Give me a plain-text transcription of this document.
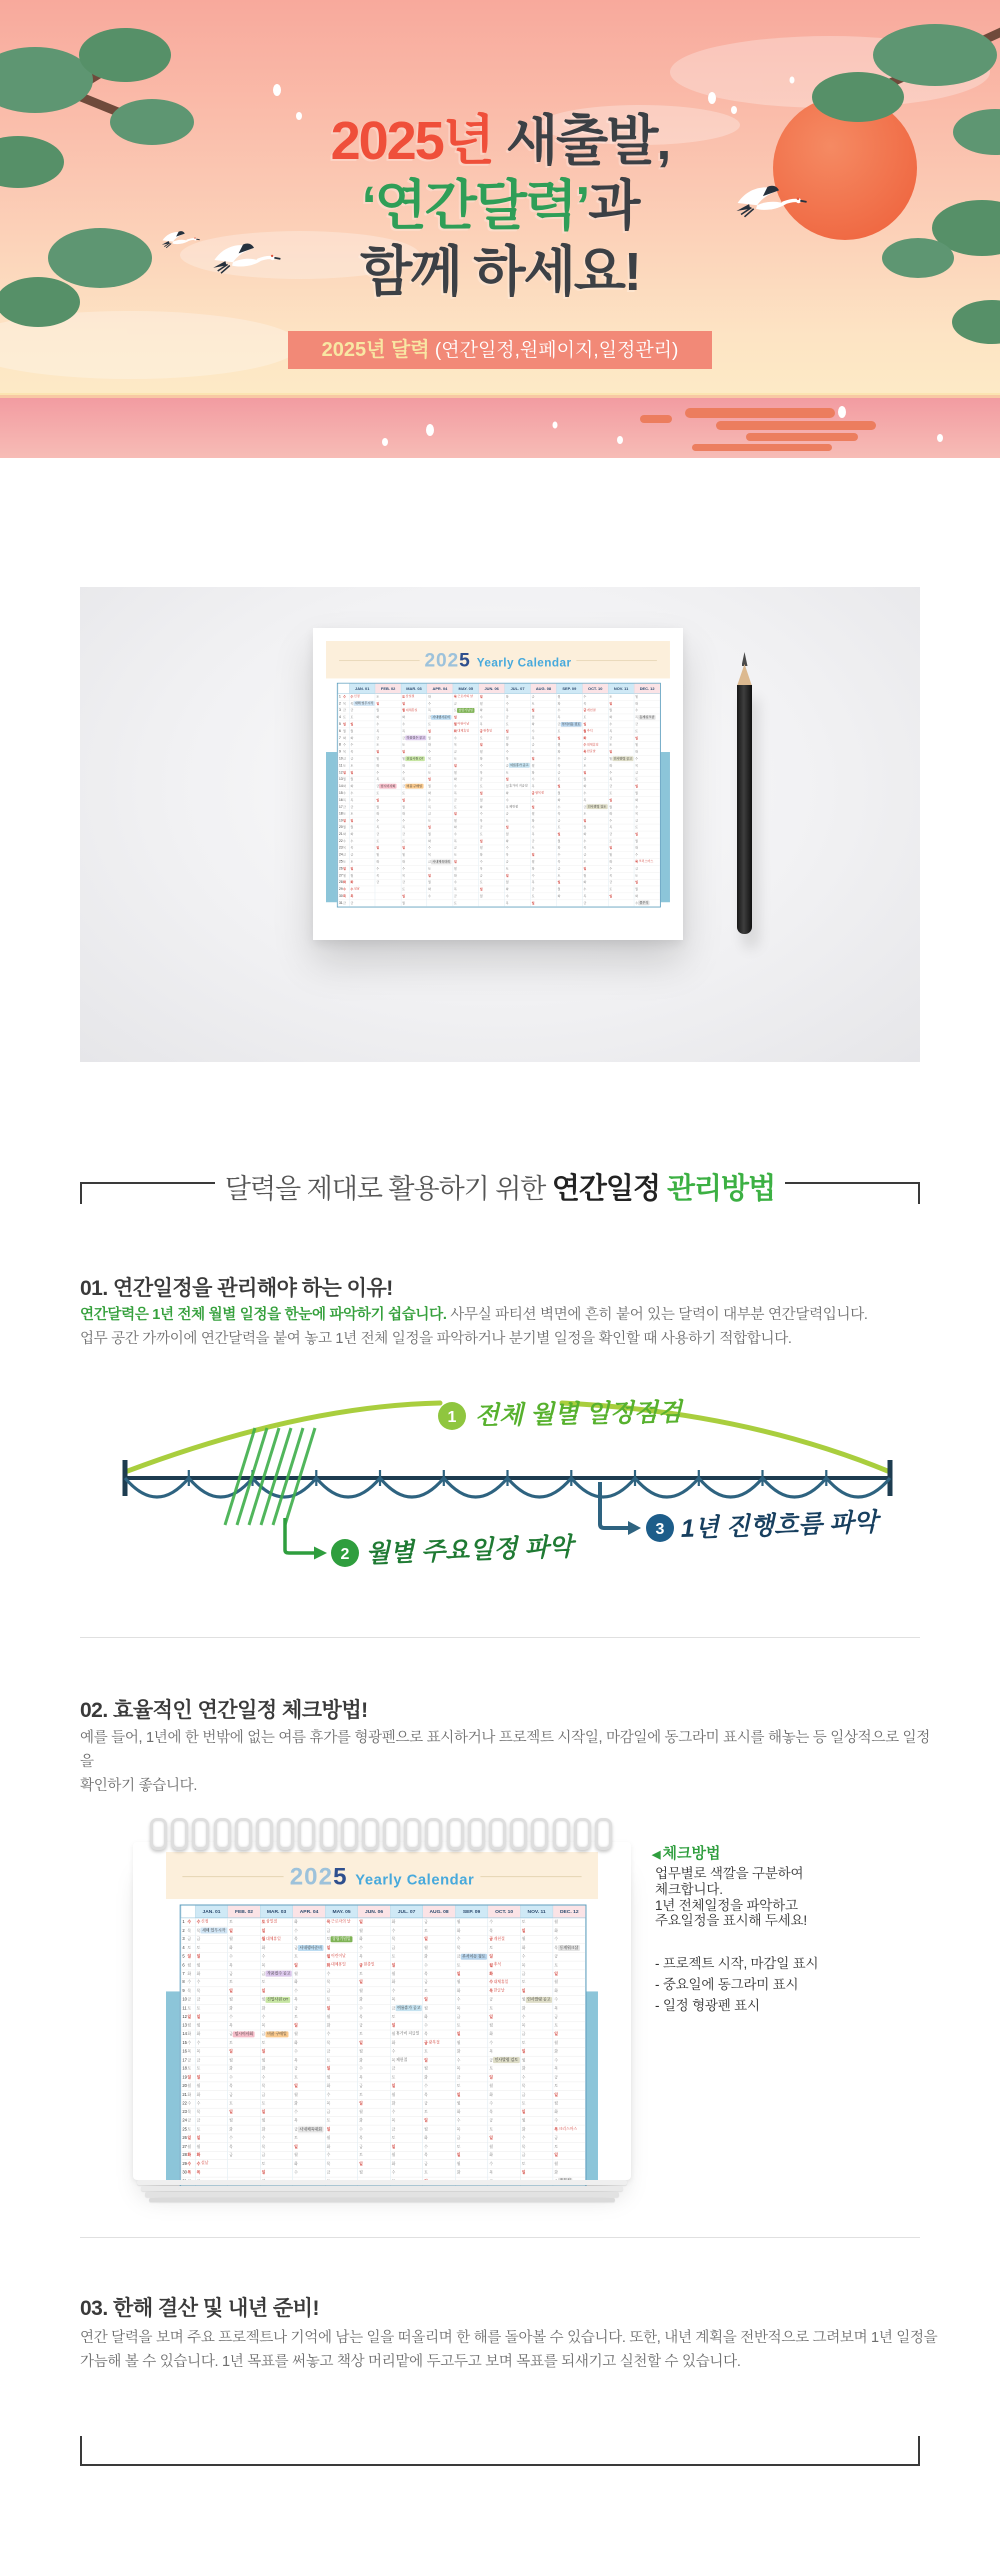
2025년 새출발,
‘연간달력’과
함께 하세요!
2025년 달력 (연간일정,원페이지,일정관리)
2025 Yearly Calendar
	JAN. 01	FEB. 02	MAR. 03	APR. 04	MAY. 05	JUN. 06	JUL. 07	AUG. 08	SEP. 09	OCT. 10	NOV. 11	DEC. 12
1 수	수 신정	토	토 삼일절	화	목 근로자의 날	일	화	금	월	수	토	월
2 목	목 새해 업무시작	일	일	수	금	월	수	토	화	목	일	화
3 금	금	월	월 대체휴일	목	토 창립기념일	화	목	일	수	금 개천절	월	수
4 토	토	화	화	금 사내행사준비	일	수	금	월	목	토	화	목 동계워크샵

5 일	일	수	수	토	월 어린이날	목	토	화	금 부서이동 검토	일	수	금
6 월	월	목	목	일	화 대체휴일	금 현충일	일	수	토	월 추석	목	토
7 화	화	금	금 작품접수 공고	월	수	토	월	목	일	화	금	일
8 수	수	토	토	화	목	일	화	금	월	수 대체휴일	토	월
9 목	목	일	일	수	금	월	수	토	화	목 한글날	일	화
10금	금	월	월 신입사원 OT	목	토	화	목	일	수	금	월 인사발령 공고	수
11토	토	화	화	금	일	수	금 여름휴가 공고	월	목	토	화	목
12일	일	수	수	토	월	목	토	화	금	일	수	금
13월	월	목	목	일	화	금	일	수	토	월	목	토
14화	화	금 임시이사회	금 비품 구매일	월	수	토	월 휴가비 지급일	목	일	화	금	일
15수	수	토	토	화	목	일	화	금 광복절	월	수	토	월
16목	목	일	일	수	금	월	수	토	화	목	일	화
17금	금	월	월	목	토	화	목 제헌절	일	수	금 인사발령 검토	월	수
18토	토	화	화	금	일	수	금	월	목	토	화	목
19일	일	수	수	토	월	목	토	화	금	일	수	금
20월	월	목	목	일	화	금	일	수	토	월	목	토
21화	화	금	금	월	수	토	월	목	일	화	금	일
22수	수	토	토	화	목	일	화	금	월	수	토	월
23목	목	일	일	수	금	월	수	토	화	목	일	화
24금	금	월	월	목	토	화	목	일	수	금	월	수
25토	토	화	화	금 사내체육대회	일	수	금	월	목	토	화	목 크리스마스

26일	일	수	수	토	월	목	토	화	금	일	수	금
27월	월	목	목	일	화	금	일	수	토	월	목	토
28화	화	금	금	월	수	토	월	목	일	화	금	일
29수	수 설날		토	화	목	일	화	금	월	수	토	월
30목	목		일	수	금	월	수	토	화	목	일	화
31금	금		월		토		목	일		금		수 종무식
달력을 제대로 활용하기 위한 연간일정 관리방법
01. 연간일정을 관리해야 하는 이유!
연간달력은 1년 전체 월별 일정을 한눈에 파악하기 쉽습니다. 사무실 파티션 벽면에 흔히 붙어 있는 달력이 대부분 연간달력입니다.
업무 공간 가까이에 연간달력을 붙여 놓고 1년 전체 일정을 파악하거나 분기별 일정을 확인할 때 사용하기 적합합니다.
1 전체 월별 일정점검
2 월별 주요일정 파악
3 1년 진행흐름 파악
02. 효율적인 연간일정 체크방법!
예를 들어, 1년에 한 번밖에 없는 여름 휴가를 형광펜으로 표시하거나 프로젝트 시작일, 마감일에 동그라미 표시를 해놓는 등 일상적으로 일정을
확인하기 좋습니다.
2025 Yearly Calendar
	JAN. 01	FEB. 02	MAR. 03	APR. 04	MAY. 05	JUN. 06	JUL. 07	AUG. 08	SEP. 09	OCT. 10	NOV. 11	DEC. 12
1 수	수 신정	토	토 삼일절	화	목 근로자의 날	일	화	금	월	수	토	월
2 목	목 새해 업무시작	일	일	수	금	월	수	토	화	목	일	화
3 금	금	월	월 대체휴일	목	토 창립기념일	화	목	일	수	금 개천절	월	수
4 토	토	화	화	금 사내행사준비	일	수	금	월	목	토	화	목 동계워크샵

5 일	일	수	수	토	월 어린이날	목	토	화	금 부서이동 검토	일	수	금
6 월	월	목	목	일	화 대체휴일	금 현충일	일	수	토	월 추석	목	토
7 화	화	금	금 작품접수 공고	월	수	토	월	목	일	화	금	일
8 수	수	토	토	화	목	일	화	금	월	수 대체휴일	토	월
9 목	목	일	일	수	금	월	수	토	화	목 한글날	일	화
10금	금	월	월 신입사원 OT	목	토	화	목	일	수	금	월 인사발령 공고	수
11토	토	화	화	금	일	수	금 여름휴가 공고	월	목	토	화	목
12일	일	수	수	토	월	목	토	화	금	일	수	금
13월	월	목	목	일	화	금	일	수	토	월	목	토
14화	화	금 임시이사회	금 비품 구매일	월	수	토	월 휴가비 지급일	목	일	화	금	일
15수	수	토	토	화	목	일	화	금 광복절	월	수	토	월
16목	목	일	일	수	금	월	수	토	화	목	일	화
17금	금	월	월	목	토	화	목 제헌절	일	수	금 인사발령 검토	월	수
18토	토	화	화	금	일	수	금	월	목	토	화	목
19일	일	수	수	토	월	목	토	화	금	일	수	금
20월	월	목	목	일	화	금	일	수	토	월	목	토
21화	화	금	금	월	수	토	월	목	일	화	금	일
22수	수	토	토	화	목	일	화	금	월	수	토	월
23목	목	일	일	수	금	월	수	토	화	목	일	화
24금	금	월	월	목	토	화	목	일	수	금	월	수
25토	토	화	화	금 사내체육대회	일	수	금	월	목	토	화	목 크리스마스

26일	일	수	수	토	월	목	토	화	금	일	수	금
27월	월	목	목	일	화	금	일	수	토	월	목	토
28화	화	금	금	월	수	토	월	목	일	화	금	일
29수	수 설날		토	화	목	일	화	금	월	수	토	월
30목	목		일	수	금	월	수	토	화	목	일	화

◀ 체크방법
업무별로 색깔을 구분하여
체크합니다.
1년 전체일정을 파악하고
주요일정을 표시해 두세요!
- 프로젝트 시작, 마감일 표시
- 중요일에 동그라미 표시
- 일정 형광펜 표시
03. 한해 결산 및 내년 준비!
연간 달력을 보며 주요 프로젝트나 기억에 남는 일을 떠올리며 한 해를 돌아볼 수 있습니다. 또한, 내년 계획을 전반적으로 그려보며 1년 일정을
가늠해 볼 수 있습니다. 1년 목표를 써놓고 책상 머리맡에 두고두고 보며 목표를 되새기고 실천할 수 있습니다.
